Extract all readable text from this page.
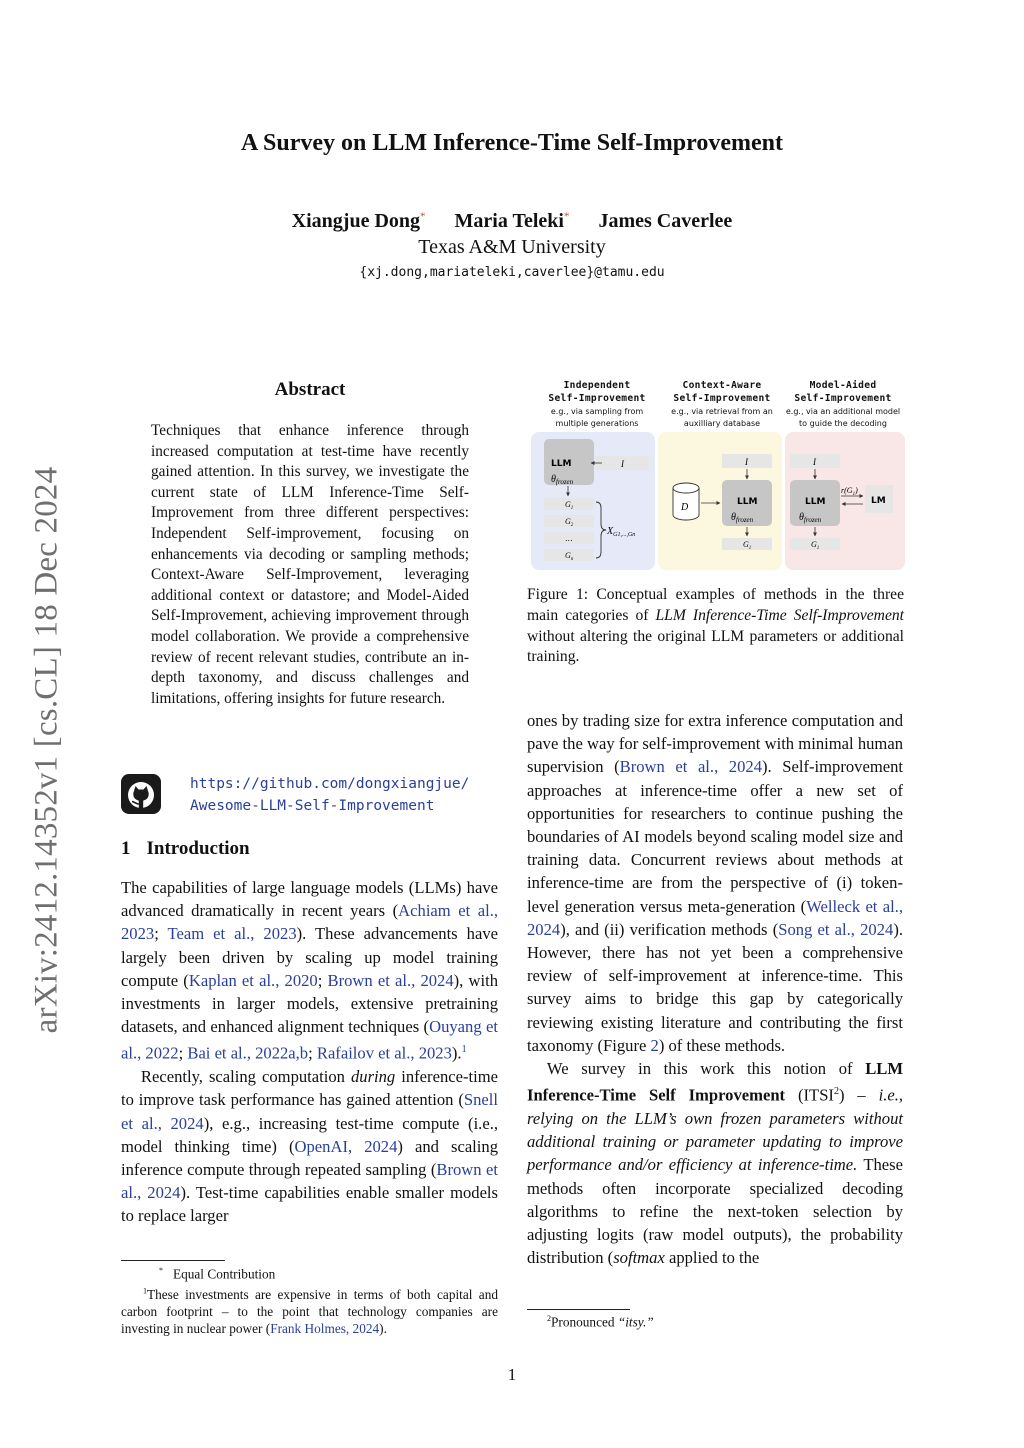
arXiv:2412.14352v1 [cs.CL] 18 Dec 2024
A Survey on LLM Inference-Time Self-Improvement
Xiangjue Dong* Maria Teleki* James Caverlee
Texas A&M University
{xj.dong,mariateleki,caverlee}@tamu.edu
Abstract
Techniques that enhance inference through increased computation at test-time have recently gained attention. In this survey, we investigate the current state of LLM Inference-Time Self-Improvement from three different perspectives: Independent Self-improvement, focusing on enhancements via decoding or sampling methods; Context-Aware Self-Improvement, leveraging additional context or datastore; and Model-Aided Self-Improvement, achieving improvement through model collaboration. We provide a comprehensive review of recent relevant studies, contribute an in-depth taxonomy, and discuss challenges and limitations, offering insights for future research.
https://github.com/dongxiangjue/
Awesome-LLM-Self-Improvement
1 Introduction

The capabilities of large language models (LLMs) have advanced dramatically in recent years (Achiam et al., 2023; Team et al., 2023). These advancements have largely been driven by scaling up model training compute (Kaplan et al., 2020; Brown et al., 2024), with investments in larger models, extensive pretraining datasets, and enhanced alignment techniques (Ouyang et al., 2022; Bai et al., 2022a,b; Rafailov et al., 2023).$^1$

Recently, scaling computation during inference-time to improve task performance has gained attention (Snell et al., 2024), e.g., increasing test-time compute (i.e., model thinking time) (OpenAI, 2024) and scaling inference compute through repeated sampling (Brown et al., 2024). Test-time capabilities enable smaller models to replace larger

* Equal Contribution
$^1$These investments are expensive in terms of both capital and carbon footprint – to the point that technology companies are investing in nuclear power (Frank Holmes, 2024).
Independent
Self-Improvement
e.g., via sampling from
multiple generations
Context-Aware
Self-Improvement
e.g., via retrieval from an
auxilliary database
Model-Aided
Self-Improvement
e.g., via an additional model
to guide the decoding
LLM
$\theta_{frozen}$
I
$G_1$
$G_2$
...
$G_n$
$X_{G1,...,Gn}$
I
D	LLM
$\theta_{frozen}$
$G_1$
I
LLM
$\theta_{frozen}$
$r(G_1)$
LM
$G_1$
Figure 1: Conceptual examples of methods in the three main categories of LLM Inference-Time Self-Improvement without altering the original LLM parameters or additional training.

ones by trading size for extra inference computation and pave the way for self-improvement with minimal human supervision (Brown et al., 2024). Self-improvement approaches at inference-time offer a new set of opportunities for researchers to continue pushing the boundaries of AI models beyond scaling model size and training data. Concurrent reviews about methods at inference-time are from the perspective of (i) token-level generation versus meta-generation (Welleck et al., 2024), and (ii) verification methods (Song et al., 2024). However, there has not yet been a comprehensive review of self-improvement at inference-time. This survey aims to bridge this gap by categorically reviewing existing literature and contributing the first taxonomy (Figure 2) of these methods.

We survey in this work this notion of LLM Inference-Time Self Improvement (ITSI$^2$) – i.e., relying on the LLM’s own frozen parameters without additional training or parameter updating to improve performance and/or efficiency at inference-time. These methods often incorporate specialized decoding algorithms to refine the next-token selection by adjusting logits (raw model outputs), the probability distribution (softmax applied to the

$^2$Pronounced “itsy.”
1
